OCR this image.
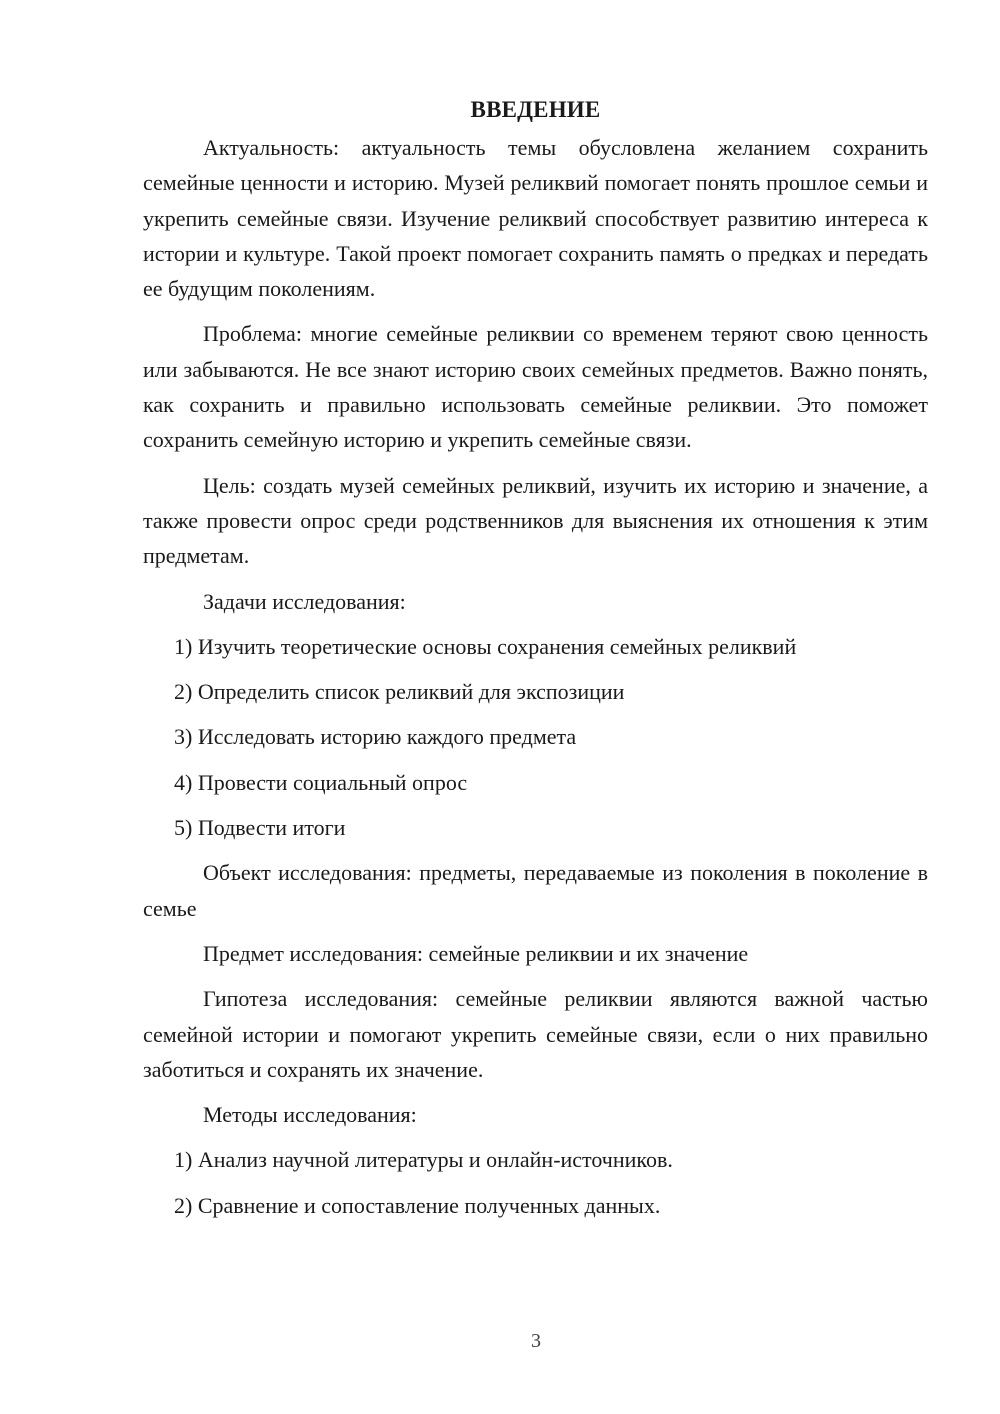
ВВЕДЕНИЕ

Актуальность: актуальность темы обусловлена желанием сохранить семейные ценности и историю. Музей реликвий помогает понять прошлое семьи и укрепить семейные связи. Изучение реликвий способствует развитию интереса к истории и культуре. Такой проект помогает сохранить память о предках и передать ее будущим поколениям.

Проблема: многие семейные реликвии со временем теряют свою ценность или забываются. Не все знают историю своих семейных предметов. Важно понять, как сохранить и правильно использовать семейные реликвии. Это поможет сохранить семейную историю и укрепить семейные связи.

Цель: создать музей семейных реликвий, изучить их историю и значение, а также провести опрос среди родственников для выяснения их отношения к этим предметам.

Задачи исследования:

1) Изучить теоретические основы сохранения семейных реликвий

2) Определить список реликвий для экспозиции

3) Исследовать историю каждого предмета

4) Провести социальный опрос

5) Подвести итоги

Объект исследования: предметы, передаваемые из поколения в поколение в семье

Предмет исследования: семейные реликвии и их значение

Гипотеза исследования: семейные реликвии являются важной частью семейной истории и помогают укрепить семейные связи, если о них правильно заботиться и сохранять их значение.

Методы исследования:

1) Анализ научной литературы и онлайн-источников.

2) Сравнение и сопоставление полученных данных.

3
